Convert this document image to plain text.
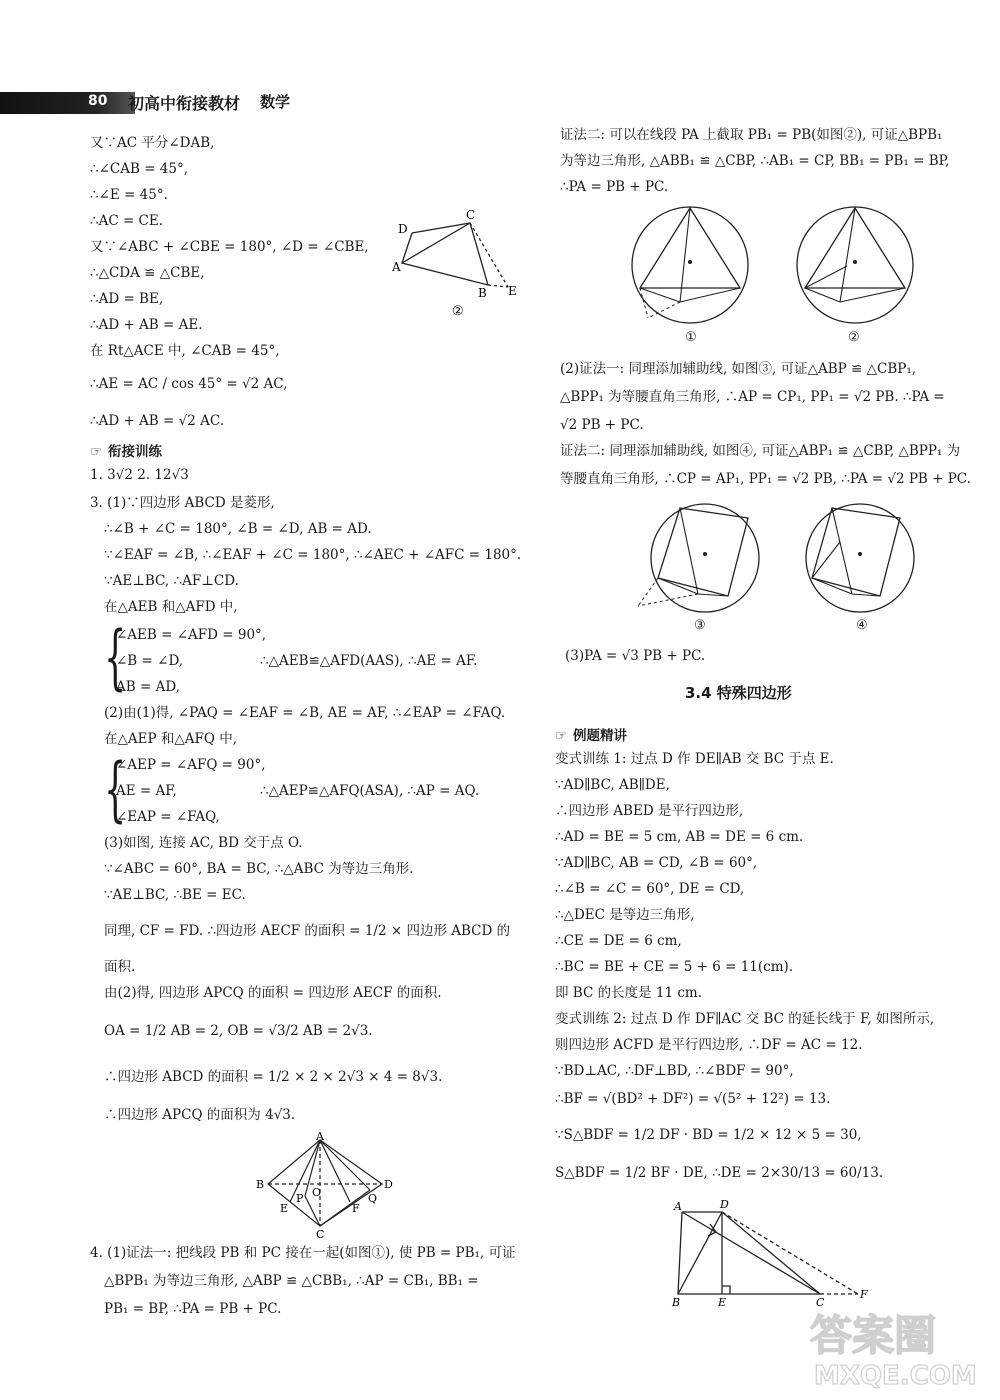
80 初高中衔接教材 数学
又∵AC 平分∠DAB,
∴∠CAB = 45°,
∴∠E = 45°.
∴AC = CE.
又∵∠ABC + ∠CBE = 180°, ∠D = ∠CBE,
∴△CDA ≌ △CBE,
∴AD = BE,
∴AD + AB = AE.
在 Rt△ACE 中, ∠CAB = 45°,
∴AE = AC / cos 45° = √2 AC,
∴AD + AB = √2 AC.
☞ 衔接训练
1. 3√2 2. 12√3
3. (1)∵四边形 ABCD 是菱形,
∴∠B + ∠C = 180°, ∠B = ∠D, AB = AD.
∵∠EAF = ∠B, ∴∠EAF + ∠C = 180°, ∴∠AEC + ∠AFC = 180°.
∵AE⊥BC, ∴AF⊥CD.
在△AEB 和△AFD 中,
{
∠AEB = ∠AFD = 90°,
∠B = ∠D,
AB = AD,
∴△AEB≌△AFD(AAS), ∴AE = AF.
(2)由(1)得, ∠PAQ = ∠EAF = ∠B, AE = AF, ∴∠EAP = ∠FAQ.
在△AEP 和△AFQ 中,
{
∠AEP = ∠AFQ = 90°,
AE = AF,
∠EAP = ∠FAQ,
∴△AEP≌△AFQ(ASA), ∴AP = AQ.
(3)如图, 连接 AC, BD 交于点 O.
∵∠ABC = 60°, BA = BC, ∴△ABC 为等边三角形.
∵AE⊥BC, ∴BE = EC.
同理, CF = FD. ∴四边形 AECF 的面积 = 1/2 × 四边形 ABCD 的
面积.
由(2)得, 四边形 APCQ 的面积 = 四边形 AECF 的面积.
OA = 1/2 AB = 2, OB = √3/2 AB = 2√3.
∴四边形 ABCD 的面积 = 1/2 × 2 × 2√3 × 4 = 8√3.
∴四边形 APCQ 的面积为 4√3.
4. (1)证法一: 把线段 PB 和 PC 接在一起(如图①), 使 PB = PB₁, 可证
△BPB₁ 为等边三角形, △ABP ≌ △CBB₁, ∴AP = CB₁, BB₁ =
PB₁ = BP, ∴PA = PB + PC.
D
C
A
B E
②
A
B	D
C
O
E
P
F
Q
证法二: 可以在线段 PA 上截取 PB₁ = PB(如图②), 可证△BPB₁
为等边三角形, △ABB₁ ≌ △CBP, ∴AB₁ = CP, BB₁ = PB₁ = BP,
∴PA = PB + PC.
①	②
(2)证法一: 同理添加辅助线, 如图③, 可证△ABP ≌ △CBP₁,
△BPP₁ 为等腰直角三角形, ∴AP = CP₁, PP₁ = √2 PB. ∴PA =
√2 PB + PC.
证法二: 同理添加辅助线, 如图④, 可证△ABP₁ ≌ △CBP, △BPP₁ 为
等腰直角三角形, ∴CP = AP₁, PP₁ = √2 PB, ∴PA = √2 PB + PC.
③	④
(3)PA = √3 PB + PC.
3.4 特殊四边形
☞ 例题精讲
变式训练 1: 过点 D 作 DE∥AB 交 BC 于点 E.
∵AD∥BC, AB∥DE,
∴四边形 ABED 是平行四边形,
∴AD = BE = 5 cm, AB = DE = 6 cm.
∵AD∥BC, AB = CD, ∠B = 60°,
∴∠B = ∠C = 60°, DE = CD,
∴△DEC 是等边三角形,
∴CE = DE = 6 cm,
∴BC = BE + CE = 5 + 6 = 11(cm).
即 BC 的长度是 11 cm.
变式训练 2: 过点 D 作 DF∥AC 交 BC 的延长线于 F, 如图所示,
则四边形 ACFD 是平行四边形, ∴DF = AC = 12.
∵BD⊥AC, ∴DF⊥BD, ∴∠BDF = 90°,
∴BF = √(BD² + DF²) = √(5² + 12²) = 13.
∵S△BDF = 1/2 DF · BD = 1/2 × 12 × 5 = 30,
S△BDF = 1/2 BF · DE, ∴DE = 2×30/13 = 60/13.
A	D
B	E	C
F
答案圈
MXQE.COM
